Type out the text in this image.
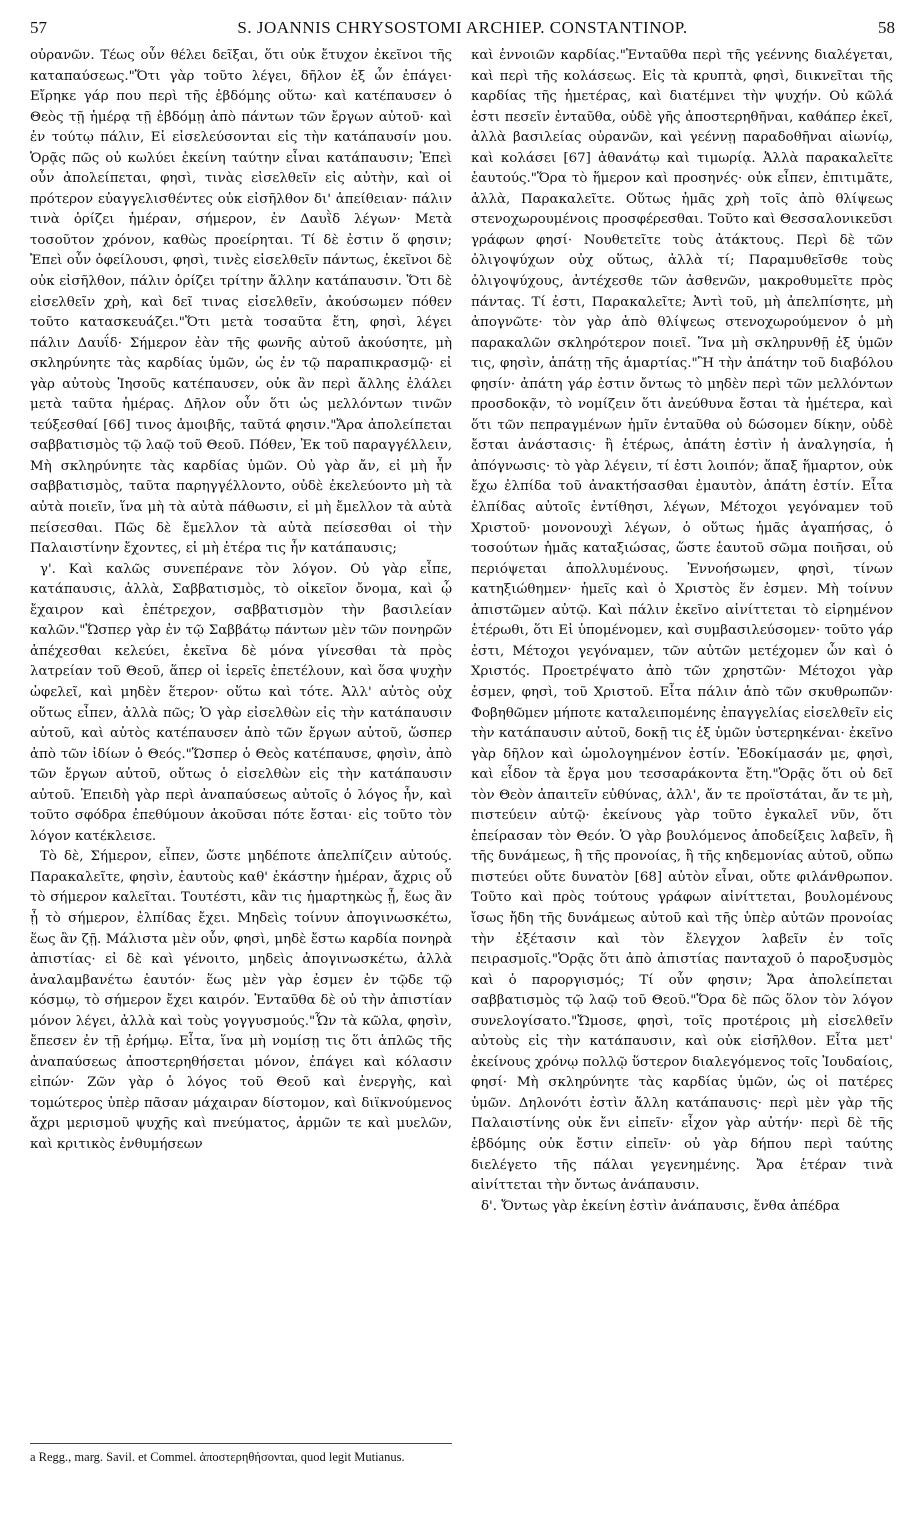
57	S. JOANNIS CHRYSOSTOMI ARCHIEP. CONSTANTINOP.	58

οὐρανῶν. Τέως οὖν θέλει δεῖξαι, ὅτι οὐκ ἔτυχον ἐκεῖνοι τῆς καταπαύσεως."Ὅτι γὰρ τοῦτο λέγει, δῆλον ἐξ ὧν ἐπάγει· Εἴρηκε γάρ που περὶ τῆς ἑβδόμης οὕτω· καὶ κατέπαυσεν ὁ Θεὸς τῇ ἡμέρᾳ τῇ ἑβδόμῃ ἀπὸ πάντων τῶν ἔργων αὐτοῦ· καὶ ἐν τούτῳ πάλιν, Εἰ εἰσελεύσονται εἰς τὴν κατάπαυσίν μου. Ὁρᾷς πῶς οὐ κωλύει ἐκείνη ταύτην εἶναι κατάπαυσιν; Ἐπεὶ οὖν ἀπολείπεται, φησὶ, τινὰς εἰσελθεῖν εἰς αὐτὴν, καὶ οἱ πρότερον εὐαγγελισθέντες οὐκ εἰσῆλθον δι' ἀπείθειαν· πάλιν τινὰ ὁρίζει ἡμέραν, σήμερον, ἐν Δαυῒδ λέγων· Μετὰ τοσοῦτον χρόνον, καθὼς προείρηται. Τί δὲ ἐστιν ὅ φησιν; Ἐπεὶ οὖν ὀφείλουσι, φησὶ, τινὲς εἰσελθεῖν πάντως, ἐκεῖνοι δὲ οὐκ εἰσῆλθον, πάλιν ὁρίζει τρίτην ἄλλην κατάπαυσιν. Ὅτι δὲ εἰσελθεῖν χρὴ, καὶ δεῖ τινας εἰσελθεῖν, ἀκούσωμεν πόθεν τοῦτο κατασκευάζει."Ὅτι μετὰ τοσαῦτα ἔτη, φησὶ, λέγει πάλιν Δαυΐδ· Σήμερον ἐὰν τῆς φωνῆς αὐτοῦ ἀκούσητε, μὴ σκληρύνητε τὰς καρδίας ὑμῶν, ὡς ἐν τῷ παραπικρασμῷ· εἰ γὰρ αὐτοὺς Ἰησοῦς κατέπαυσεν, οὐκ ἂν περὶ ἄλλης ἐλάλει μετὰ ταῦτα ἡμέρας. Δῆλον οὖν ὅτι ὡς μελλόντων τινῶν τεύξεσθαί [66] τινος ἀμοιβῆς, ταῦτά φησιν."Ἄρα ἀπολείπεται σαββατισμὸς τῷ λαῷ τοῦ Θεοῦ. Πόθεν, Ἐκ τοῦ παραγγέλλειν, Μὴ σκληρύνητε τὰς καρδίας ὑμῶν. Οὐ γὰρ ἄν, εἰ μὴ ἦν σαββατισμὸς, ταῦτα παρηγγέλλοντο, οὐδὲ ἐκελεύοντο μὴ τὰ αὐτὰ ποιεῖν, ἵνα μὴ τὰ αὐτὰ πάθωσιν, εἰ μὴ ἔμελλον τὰ αὐτὰ πείσεσθαι. Πῶς δὲ ἔμελλον τὰ αὐτὰ πείσεσθαι οἱ τὴν Παλαιστίνην ἔχοντες, εἰ μὴ ἑτέρα τις ἦν κατάπαυσις;

γ'. Καὶ καλῶς συνεπέρανε τὸν λόγον. Οὐ γὰρ εἶπε, κατάπαυσις, ἀλλὰ, Σαββατισμὸς, τὸ οἰκεῖον ὄνομα, καὶ ᾧ ἔχαιρον καὶ ἐπέτρεχον, σαββατισμὸν τὴν βασιλείαν καλῶν."Ὥσπερ γὰρ ἐν τῷ Σαββάτῳ πάντων μὲν τῶν πονηρῶν ἀπέχεσθαι κελεύει, ἐκεῖνα δὲ μόνα γίνεσθαι τὰ πρὸς λατρείαν τοῦ Θεοῦ, ἅπερ οἱ ἱερεῖς ἐπετέλουν, καὶ ὅσα ψυχὴν ὠφελεῖ, καὶ μηδὲν ἕτερον· οὕτω καὶ τότε. Ἀλλ' αὐτὸς οὐχ οὕτως εἶπεν, ἀλλὰ πῶς; Ὁ γὰρ εἰσελθὼν εἰς τὴν κατάπαυσιν αὐτοῦ, καὶ αὐτὸς κατέπαυσεν ἀπὸ τῶν ἔργων αὐτοῦ, ὥσπερ ἀπὸ τῶν ἰδίων ὁ Θεός."Ὥσπερ ὁ Θεὸς κατέπαυσε, φησὶν, ἀπὸ τῶν ἔργων αὐτοῦ, οὕτως ὁ εἰσελθὼν εἰς τὴν κατάπαυσιν αὐτοῦ. Ἐπειδὴ γὰρ περὶ ἀναπαύσεως αὐτοῖς ὁ λόγος ἦν, καὶ τοῦτο σφόδρα ἐπεθύμουν ἀκοῦσαι πότε ἔσται· εἰς τοῦτο τὸν λόγον κατέκλεισε.

Τὸ δὲ, Σήμερον, εἶπεν, ὥστε μηδέποτε ἀπελπίζειν αὐτούς. Παρακαλεῖτε, φησὶν, ἑαυτοὺς καθ' ἑκάστην ἡμέραν, ἄχρις οὗ τὸ σήμερον καλεῖται. Τουτέστι, κἂν τις ἡμαρτηκὼς ᾖ, ἕως ἂν ᾖ τὸ σήμερον, ἐλπίδας ἔχει. Μηδεὶς τοίνυν ἀπογινωσκέτω, ἕως ἂν ζῇ. Μάλιστα μὲν οὖν, φησὶ, μηδὲ ἔστω καρδία πονηρὰ ἀπιστίας· εἰ δὲ καὶ γένοιτο, μηδεὶς ἀπογινωσκέτω, ἀλλὰ ἀναλαμβανέτω ἑαυτόν· ἕως μὲν γὰρ ἐσμεν ἐν τῷδε τῷ κόσμῳ, τὸ σήμερον ἔχει καιρόν. Ἐνταῦθα δὲ οὐ τὴν ἀπιστίαν μόνον λέγει, ἀλλὰ καὶ τοὺς γογγυσμούς."Ὧν τὰ κῶλα, φησὶν, ἔπεσεν ἐν τῇ ἐρήμῳ. Εἶτα, ἵνα μὴ νομίσῃ τις ὅτι ἁπλῶς τῆς ἀναπαύσεως ἀποστερηθήσεται μόνον, ἐπάγει καὶ κόλασιν εἰπών· Ζῶν γὰρ ὁ λόγος τοῦ Θεοῦ καὶ ἐνεργὴς, καὶ τομώτερος ὑπὲρ πᾶσαν μάχαιραν δίστομον, καὶ διϊκνούμενος ἄχρι μερισμοῦ ψυχῆς καὶ πνεύματος, ἁρμῶν τε καὶ μυελῶν, καὶ κριτικὸς ἐνθυμήσεων

καὶ ἐννοιῶν καρδίας."Ἐνταῦθα περὶ τῆς γεέννης διαλέγεται, καὶ περὶ τῆς κολάσεως. Εἰς τὰ κρυπτὰ, φησὶ, διικνεῖται τῆς καρδίας τῆς ἡμετέρας, καὶ διατέμνει τὴν ψυχήν. Οὐ κῶλά ἐστι πεσεῖν ἐνταῦθα, οὐδὲ γῆς ἀποστερηθῆναι, καθάπερ ἐκεῖ, ἀλλὰ βασιλείας οὐρανῶν, καὶ γεέννῃ παραδοθῆναι αἰωνίῳ, καὶ κολάσει [67] ἀθανάτῳ καὶ τιμωρίᾳ. Ἀλλὰ παρακαλεῖτε ἑαυτούς."Ὅρα τὸ ἥμερον καὶ προσηνές· οὐκ εἶπεν, ἐπιτιμᾶτε, ἀλλὰ, Παρακαλεῖτε. Οὕτως ἡμᾶς χρὴ τοῖς ἀπὸ θλίψεως στενοχωρουμένοις προσφέρεσθαι. Τοῦτο καὶ Θεσσαλονικεῦσι γράφων φησί· Νουθετεῖτε τοὺς ἀτάκτους. Περὶ δὲ τῶν ὀλιγοψύχων οὐχ οὕτως, ἀλλὰ τί; Παραμυθεῖσθε τοὺς ὀλιγοψύχους, ἀντέχεσθε τῶν ἀσθενῶν, μακροθυμεῖτε πρὸς πάντας. Τί ἐστι, Παρακαλεῖτε; Ἀντὶ τοῦ, μὴ ἀπελπίσητε, μὴ ἀπογνῶτε· τὸν γὰρ ἀπὸ θλίψεως στενοχωρούμενον ὁ μὴ παρακαλῶν σκληρότερον ποιεῖ. Ἵνα μὴ σκληρυνθῇ ἐξ ὑμῶν τις, φησὶν, ἀπάτῃ τῆς ἁμαρτίας."Ἢ τὴν ἀπάτην τοῦ διαβόλου φησίν· ἀπάτη γάρ ἐστιν ὄντως τὸ μηδὲν περὶ τῶν μελλόντων προσδοκᾷν, τὸ νομίζειν ὅτι ἀνεύθυνα ἔσται τὰ ἡμέτερα, καὶ ὅτι τῶν πεπραγμένων ἡμῖν ἐνταῦθα οὐ δώσομεν δίκην, οὐδὲ ἔσται ἀνάστασις· ἢ ἑτέρως, ἀπάτη ἐστὶν ἡ ἀναλγησία, ἡ ἀπόγνωσις· τὸ γὰρ λέγειν, τί ἐστι λοιπόν; ἅπαξ ἥμαρτον, οὐκ ἔχω ἐλπίδα τοῦ ἀνακτήσασθαι ἐμαυτὸν, ἀπάτη ἐστίν. Εἶτα ἐλπίδας αὐτοῖς ἐντίθησι, λέγων, Μέτοχοι γεγόναμεν τοῦ Χριστοῦ· μονονουχὶ λέγων, ὁ οὕτως ἡμᾶς ἀγαπήσας, ὁ τοσούτων ἡμᾶς καταξιώσας, ὥστε ἑαυτοῦ σῶμα ποιῆσαι, οὐ περιόψεται ἀπολλυμένους. Ἐννοήσωμεν, φησὶ, τίνων κατηξιώθημεν· ἡμεῖς καὶ ὁ Χριστὸς ἕν ἐσμεν. Μὴ τοίνυν ἀπιστῶμεν αὐτῷ. Καὶ πάλιν ἐκεῖνο αἰνίττεται τὸ εἰρημένον ἑτέρωθι, ὅτι Εἰ ὑπομένομεν, καὶ συμβασιλεύσομεν· τοῦτο γάρ ἐστι, Μέτοχοι γεγόναμεν, τῶν αὐτῶν μετέχομεν ὧν καὶ ὁ Χριστός. Προετρέψατο ἀπὸ τῶν χρηστῶν· Μέτοχοι γὰρ ἐσμεν, φησὶ, τοῦ Χριστοῦ. Εἶτα πάλιν ἀπὸ τῶν σκυθρωπῶν· Φοβηθῶμεν μήποτε καταλειπομένης ἐπαγγελίας εἰσελθεῖν εἰς τὴν κατάπαυσιν αὐτοῦ, δοκῇ τις ἐξ ὑμῶν ὑστερηκέναι· ἐκεῖνο γὰρ δῆλον καὶ ὡμολογημένον ἐστίν. Ἐδοκίμασάν με, φησὶ, καὶ εἶδον τὰ ἔργα μου τεσσαράκοντα ἔτη."Ὁρᾷς ὅτι οὐ δεῖ τὸν Θεὸν ἀπαιτεῖν εὐθύνας, ἀλλ', ἄν τε προϊστάται, ἄν τε μὴ, πιστεύειν αὐτῷ· ἐκείνους γὰρ τοῦτο ἐγκαλεῖ νῦν, ὅτι ἐπείρασαν τὸν Θεόν. Ὁ γὰρ βουλόμενος ἀποδείξεις λαβεῖν, ἢ τῆς δυνάμεως, ἢ τῆς προνοίας, ἢ τῆς κηδεμονίας αὐτοῦ, οὔπω πιστεύει οὔτε δυνατὸν [68] αὐτὸν εἶναι, οὔτε φιλάνθρωπον. Τοῦτο καὶ πρὸς τούτους γράφων αἰνίττεται, βουλομένους ἴσως ἤδη τῆς δυνάμεως αὐτοῦ καὶ τῆς ὑπὲρ αὐτῶν προνοίας τὴν ἐξέτασιν καὶ τὸν ἔλεγχον λαβεῖν ἐν τοῖς πειρασμοῖς."Ὁρᾷς ὅτι ἀπὸ ἀπιστίας πανταχοῦ ὁ παροξυσμὸς καὶ ὁ παροργισμός; Τί οὖν φησιν; Ἄρα ἀπολείπεται σαββατισμὸς τῷ λαῷ τοῦ Θεοῦ."Ὅρα δὲ πῶς ὅλον τὸν λόγον συνελογίσατο."Ὤμοσε, φησὶ, τοῖς προτέροις μὴ εἰσελθεῖν αὐτοὺς εἰς τὴν κατάπαυσιν, καὶ οὐκ εἰσῆλθον. Εἶτα μετ' ἐκείνους χρόνῳ πολλῷ ὕστερον διαλεγόμενος τοῖς Ἰουδαίοις, φησί· Μὴ σκληρύνητε τὰς καρδίας ὑμῶν, ὡς οἱ πατέρες ὑμῶν. Δηλονότι ἐστὶν ἄλλη κατάπαυσις· περὶ μὲν γὰρ τῆς Παλαιστίνης οὐκ ἔνι εἰπεῖν· εἶχον γὰρ αὐτήν· περὶ δὲ τῆς ἑβδόμης οὐκ ἔστιν εἰπεῖν· οὐ γὰρ δήπου περὶ ταύτης διελέγετο τῆς πάλαι γεγενημένης. Ἄρα ἑτέραν τινὰ αἰνίττεται τὴν ὄντως ἀνάπαυσιν.

δ'. Ὄντως γὰρ ἐκείνη ἐστὶν ἀνάπαυσις, ἔνθα ἀπέδρα

a Regg., marg. Savil. et Commel. ἀποστερηθήσονται, quod legit Mutianus.
